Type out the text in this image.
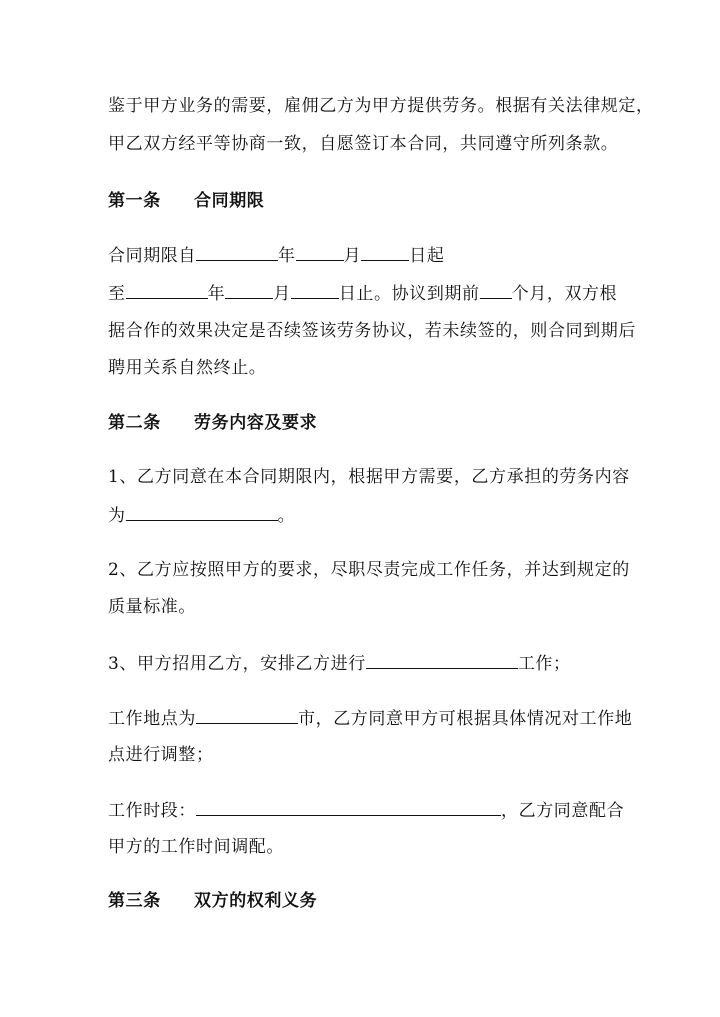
鉴于甲方业务的需要，雇佣乙方为甲方提供劳务。根据有关法律规定，
甲乙双方经平等协商一致，自愿签订本合同，共同遵守所列条款。
第一条 合同期限
合同期限自	年	月	日起
至	年	月	日止。协议到期前 个月，双方根
据合作的效果决定是否续签该劳务协议，若未续签的，则合同到期后
聘用关系自然终止。
第二条 劳务内容及要求
1、乙方同意在本合同期限内，根据甲方需要，乙方承担的劳务内容
为	。
2、乙方应按照甲方的要求，尽职尽责完成工作任务，并达到规定的
质量标准。
3、甲方招用乙方，安排乙方进行	工作；
工作地点为	市，乙方同意甲方可根据具体情况对工作地
点进行调整；
工作时段：	，乙方同意配合
甲方的工作时间调配。
第三条 双方的权利义务
